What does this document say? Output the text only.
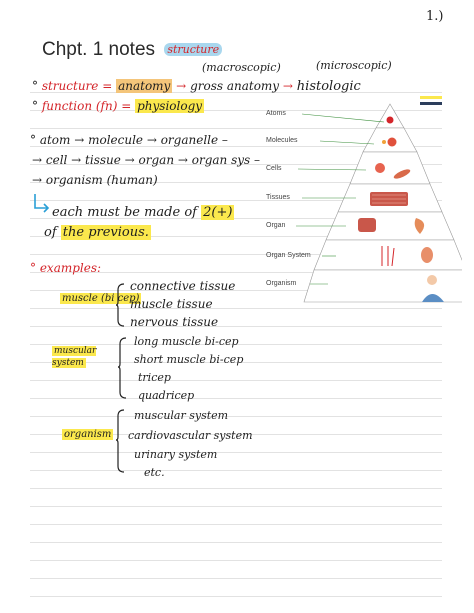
1.)
Chpt. 1 notes structure
(macroscopic)	(microscopic)
° structure = anatomy → gross anatomy → histologic
° function (fn) = physiology
° atom → molecule → organelle –
→ cell → tissue → organ → organ sys –
→ organism (human)
each must be made of 2(+)
of the previous.
° examples:
muscle (bi cep)
connective tissue
muscle tissue
nervous tissue
muscular system
long muscle bi-cep
short muscle bi-cep
tricep
quadricep
organism
muscular system
cardiovascular system
urinary system
etc.
Atoms
Molecules
Cells
Tissues
Organ
Organ System
Organism
